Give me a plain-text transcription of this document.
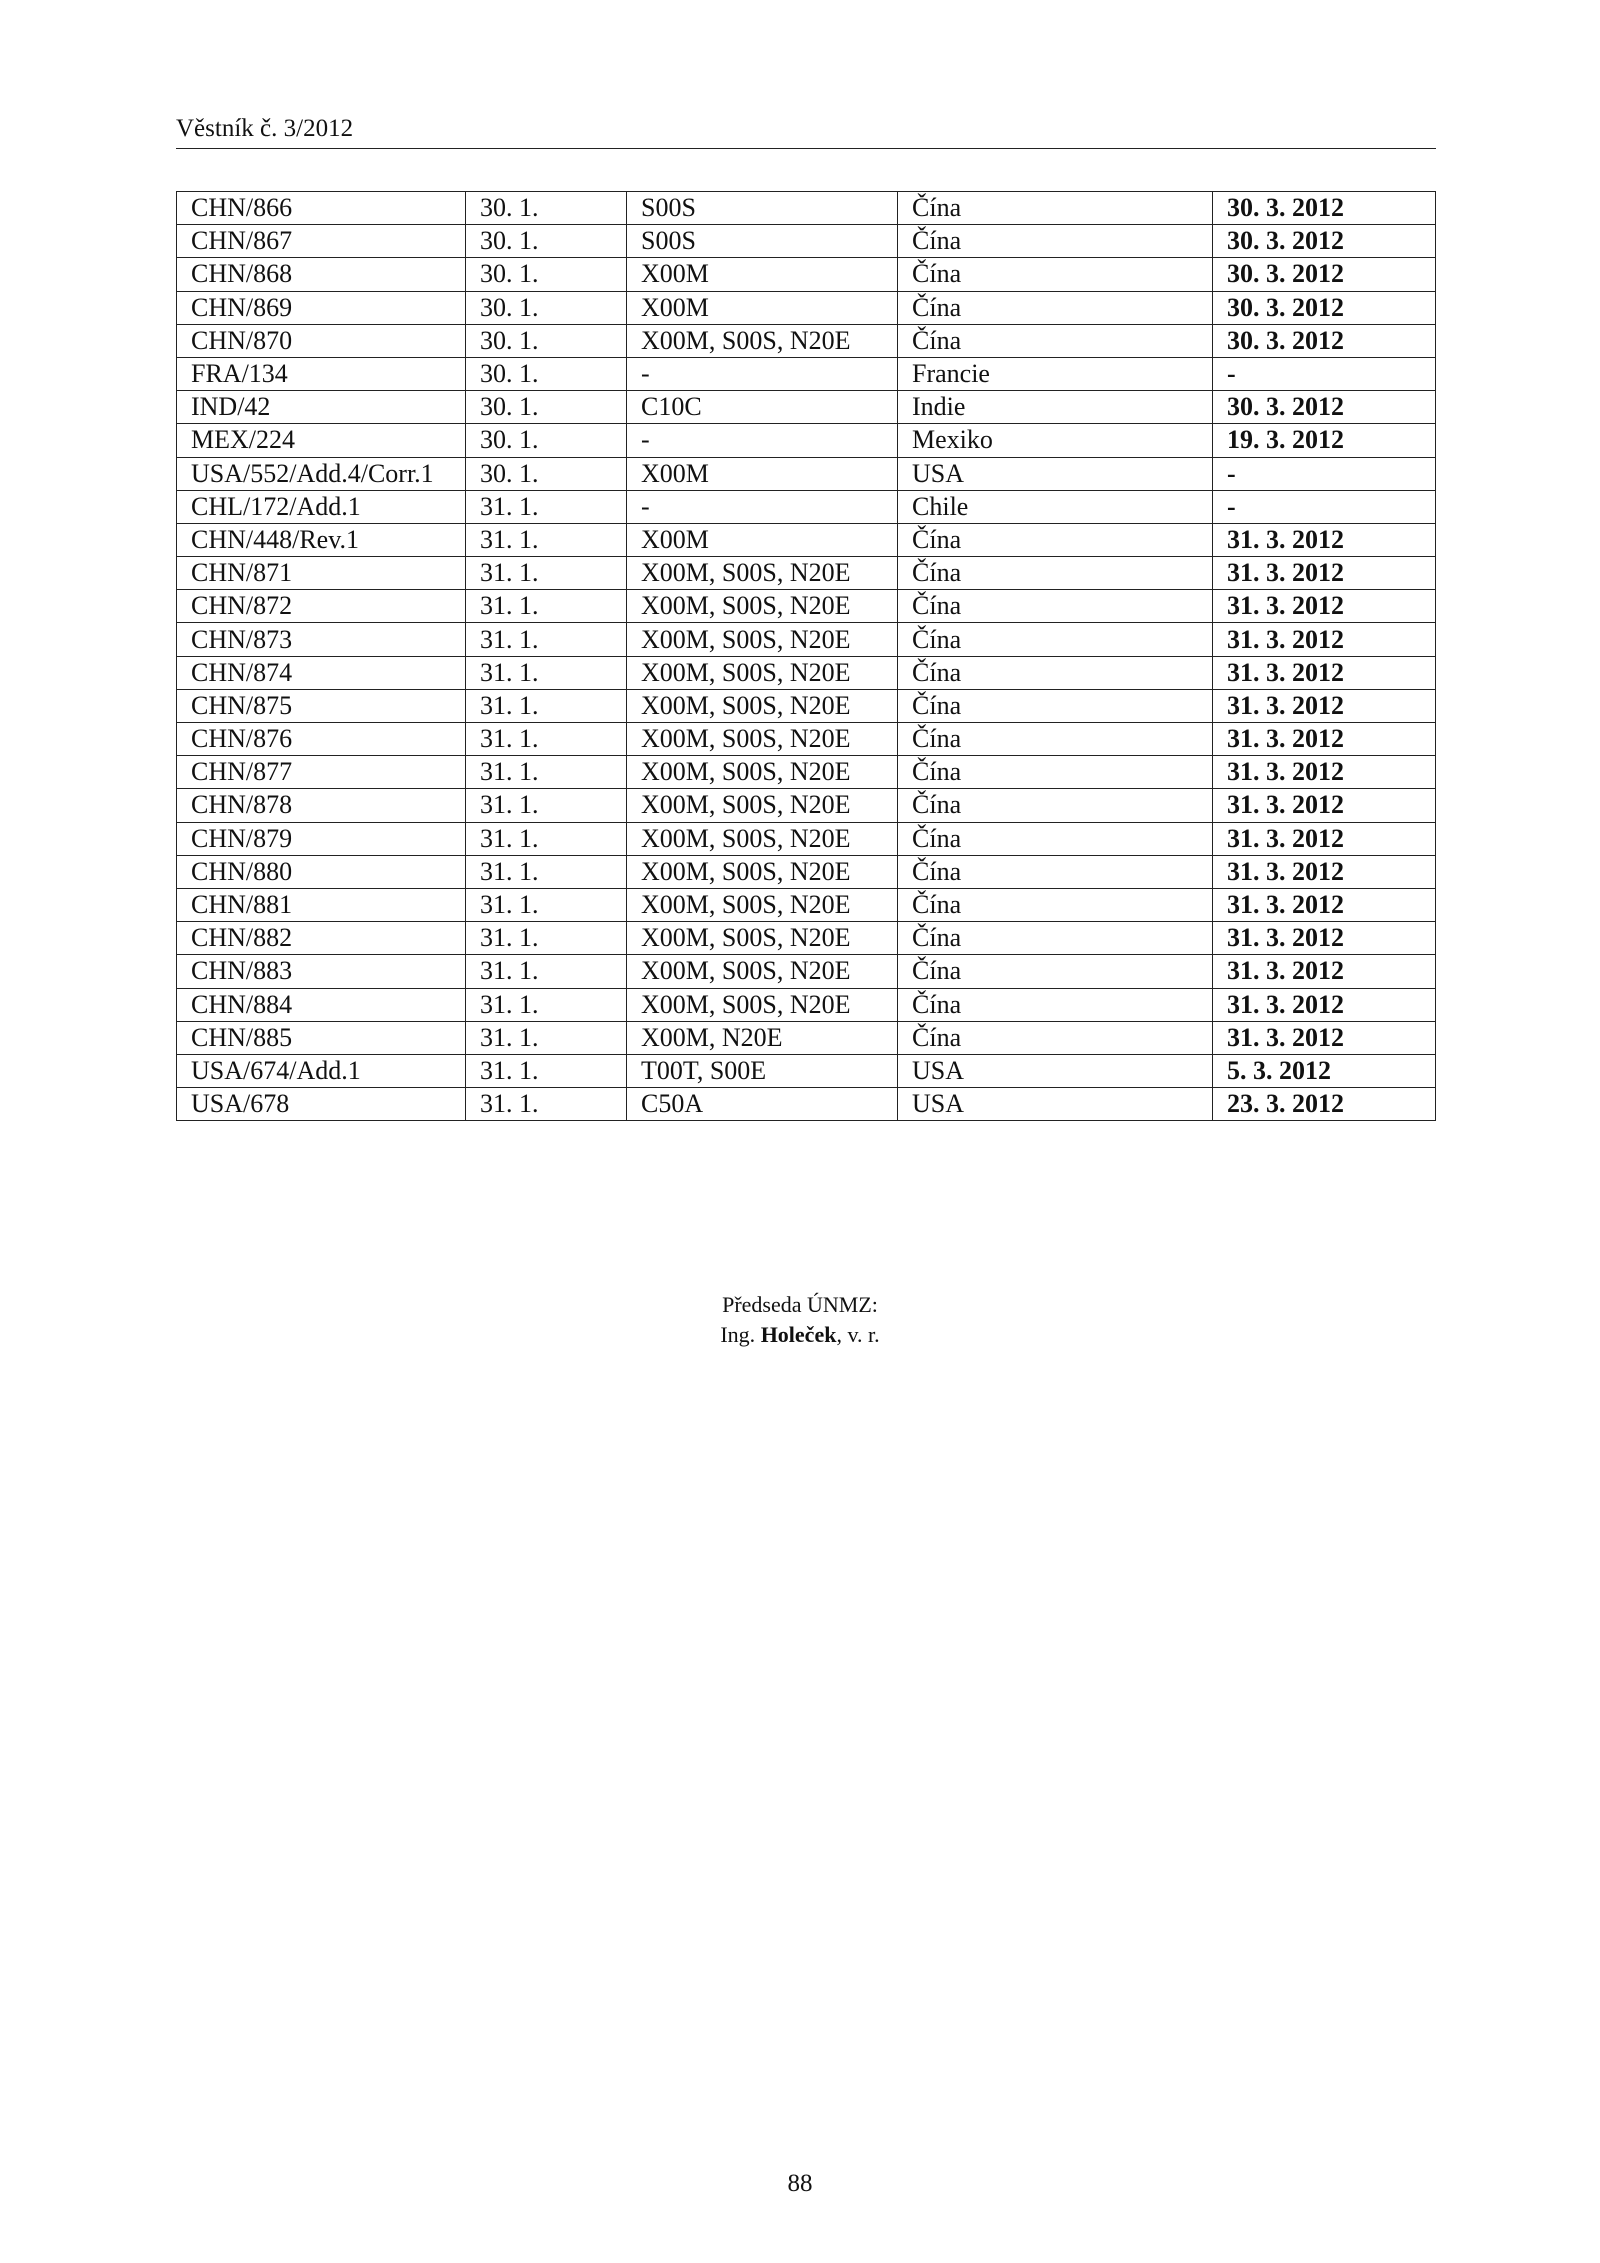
Věstník č. 3/2012
CHN/866	30. 1.	S00S	Čína	30. 3. 2012
CHN/867	30. 1.	S00S	Čína	30. 3. 2012
CHN/868	30. 1.	X00M	Čína	30. 3. 2012
CHN/869	30. 1.	X00M	Čína	30. 3. 2012
CHN/870	30. 1.	X00M, S00S, N20E	Čína	30. 3. 2012
FRA/134	30. 1.	-	Francie	-
IND/42	30. 1.	C10C	Indie	30. 3. 2012
MEX/224	30. 1.	-	Mexiko	19. 3. 2012
USA/552/Add.4/Corr.1	30. 1.	X00M	USA	-
CHL/172/Add.1	31. 1.	-	Chile	-
CHN/448/Rev.1	31. 1.	X00M	Čína	31. 3. 2012
CHN/871	31. 1.	X00M, S00S, N20E	Čína	31. 3. 2012
CHN/872	31. 1.	X00M, S00S, N20E	Čína	31. 3. 2012
CHN/873	31. 1.	X00M, S00S, N20E	Čína	31. 3. 2012
CHN/874	31. 1.	X00M, S00S, N20E	Čína	31. 3. 2012
CHN/875	31. 1.	X00M, S00S, N20E	Čína	31. 3. 2012
CHN/876	31. 1.	X00M, S00S, N20E	Čína	31. 3. 2012
CHN/877	31. 1.	X00M, S00S, N20E	Čína	31. 3. 2012
CHN/878	31. 1.	X00M, S00S, N20E	Čína	31. 3. 2012
CHN/879	31. 1.	X00M, S00S, N20E	Čína	31. 3. 2012
CHN/880	31. 1.	X00M, S00S, N20E	Čína	31. 3. 2012
CHN/881	31. 1.	X00M, S00S, N20E	Čína	31. 3. 2012
CHN/882	31. 1.	X00M, S00S, N20E	Čína	31. 3. 2012
CHN/883	31. 1.	X00M, S00S, N20E	Čína	31. 3. 2012
CHN/884	31. 1.	X00M, S00S, N20E	Čína	31. 3. 2012
CHN/885	31. 1.	X00M, N20E	Čína	31. 3. 2012
USA/674/Add.1	31. 1.	T00T, S00E	USA	5. 3. 2012
USA/678	31. 1.	C50A	USA	23. 3. 2012
Předseda ÚNMZ:
Ing. Holeček, v. r.
88
